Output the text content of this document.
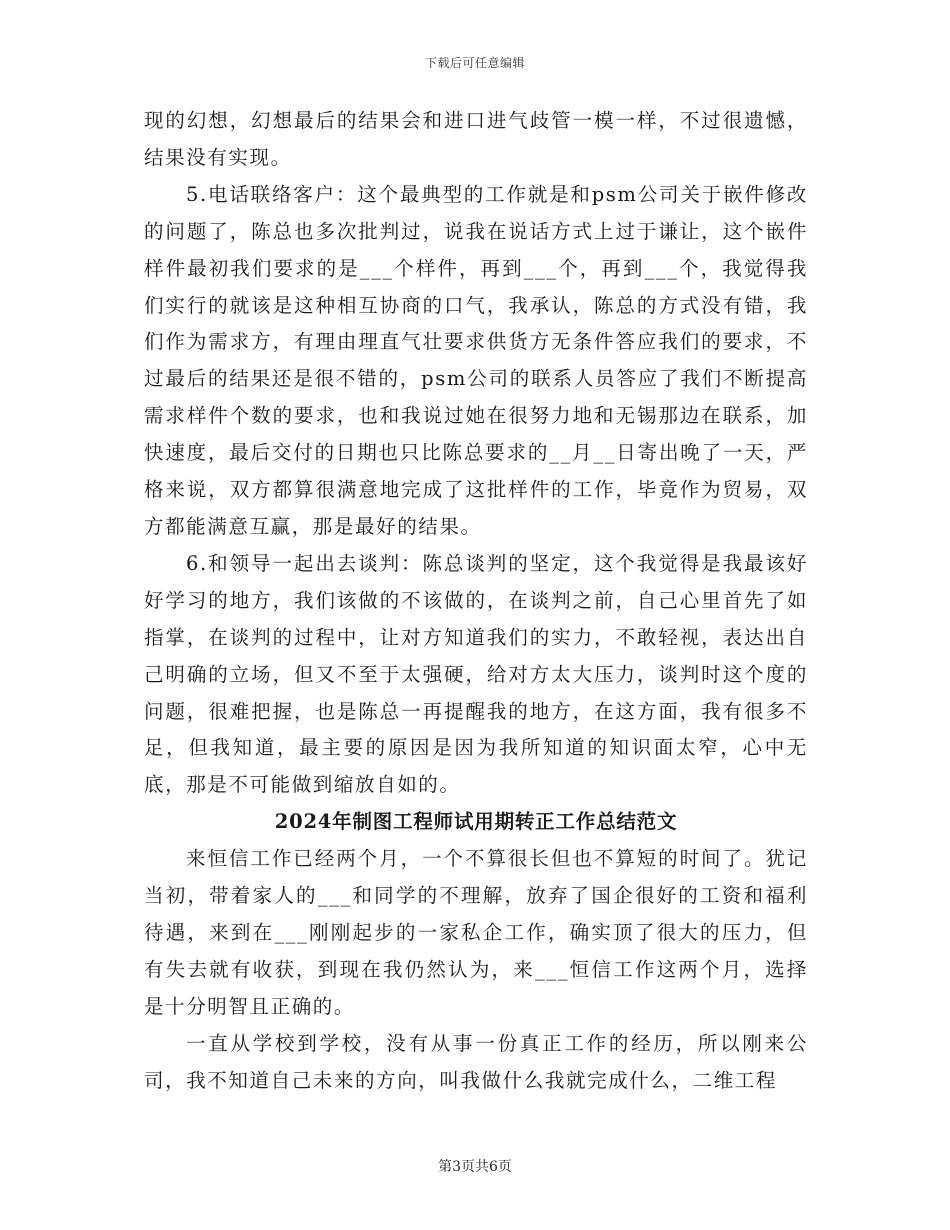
下载后可任意编辑

现的幻想，幻想最后的结果会和进口进气歧管一模一样，不过很遗憾，结果没有实现。

5.电话联络客户：这个最典型的工作就是和psm公司关于嵌件修改的问题了，陈总也多次批判过，说我在说话方式上过于谦让，这个嵌件样件最初我们要求的是___个样件，再到___个，再到___个，我觉得我们实行的就该是这种相互协商的口气，我承认，陈总的方式没有错，我们作为需求方，有理由理直气壮要求供货方无条件答应我们的要求，不过最后的结果还是很不错的，psm公司的联系人员答应了我们不断提高需求样件个数的要求，也和我说过她在很努力地和无锡那边在联系，加快速度，最后交付的日期也只比陈总要求的__月__日寄出晚了一天，严格来说，双方都算很满意地完成了这批样件的工作，毕竟作为贸易，双方都能满意互赢，那是最好的结果。

6.和领导一起出去谈判：陈总谈判的坚定，这个我觉得是我最该好好学习的地方，我们该做的不该做的，在谈判之前，自己心里首先了如指掌，在谈判的过程中，让对方知道我们的实力，不敢轻视，表达出自己明确的立场，但又不至于太强硬，给对方太大压力，谈判时这个度的问题，很难把握，也是陈总一再提醒我的地方，在这方面，我有很多不足，但我知道，最主要的原因是因为我所知道的知识面太窄，心中无底，那是不可能做到缩放自如的。

2024年制图工程师试用期转正工作总结范文

来恒信工作已经两个月，一个不算很长但也不算短的时间了。犹记当初，带着家人的___和同学的不理解，放弃了国企很好的工资和福利待遇，来到在___刚刚起步的一家私企工作，确实顶了很大的压力，但有失去就有收获，到现在我仍然认为，来___恒信工作这两个月，选择是十分明智且正确的。

一直从学校到学校，没有从事一份真正工作的经历，所以刚来公司，我不知道自己未来的方向，叫我做什么我就完成什么，二维工程

第3页共6页
